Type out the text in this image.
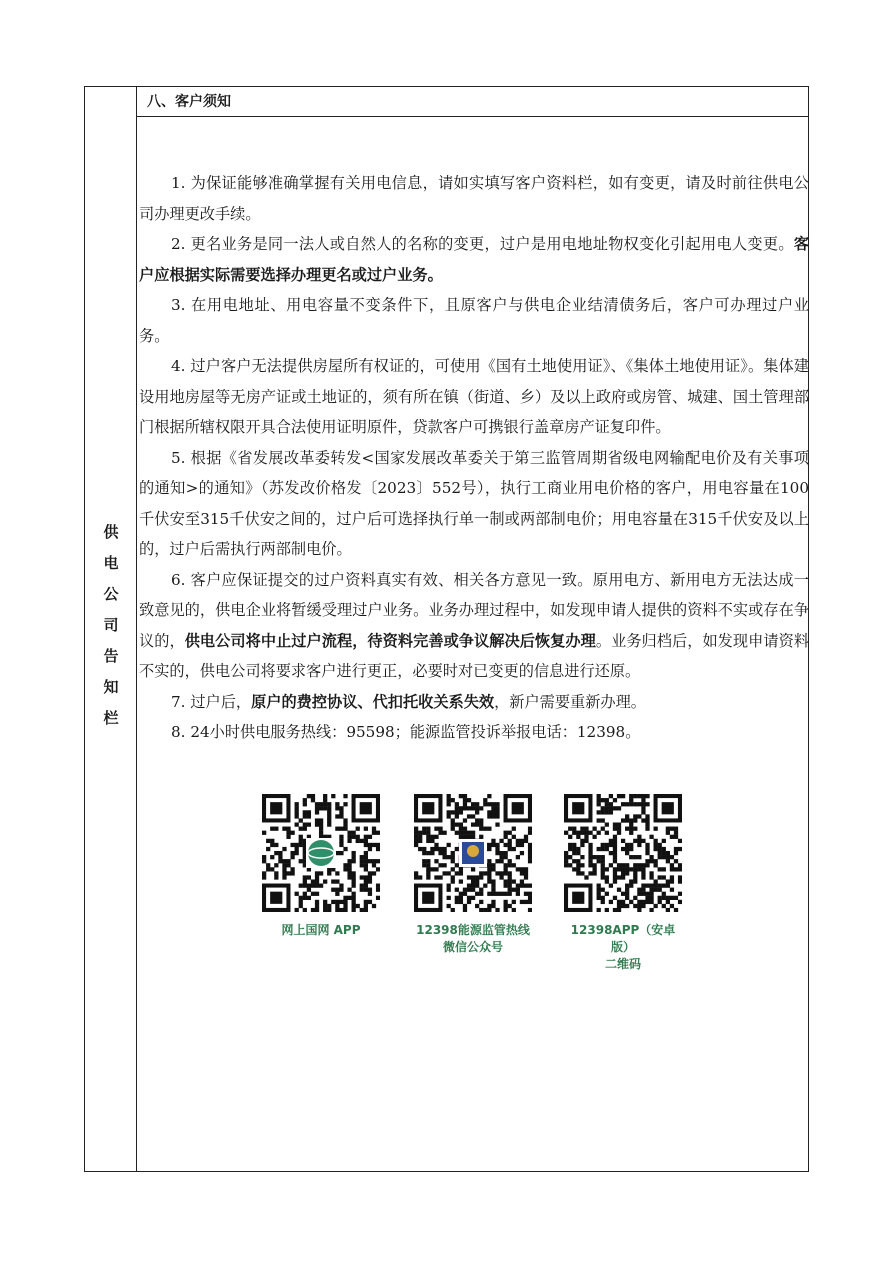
供
电
公
司
告
知
栏
八、客户须知

1. 为保证能够准确掌握有关用电信息，请如实填写客户资料栏，如有变更，请及时前往供电公司办理更改手续。

2. 更名业务是同一法人或自然人的名称的变更，过户是用电地址物权变化引起用电人变更。客户应根据实际需要选择办理更名或过户业务。

3. 在用电地址、用电容量不变条件下，且原客户与供电企业结清债务后，客户可办理过户业务。

4. 过户客户无法提供房屋所有权证的，可使用《国有土地使用证》、《集体土地使用证》。集体建设用地房屋等无房产证或土地证的，须有所在镇（街道、乡）及以上政府或房管、城建、国土管理部门根据所辖权限开具合法使用证明原件，贷款客户可携银行盖章房产证复印件。

5. 根据《省发展改革委转发<国家发展改革委关于第三监管周期省级电网输配电价及有关事项的通知>的通知》（苏发改价格发〔2023〕552号），执行工商业用电价格的客户，用电容量在100千伏安至315千伏安之间的，过户后可选择执行单一制或两部制电价；用电容量在315千伏安及以上的，过户后需执行两部制电价。

6. 客户应保证提交的过户资料真实有效、相关各方意见一致。原用电方、新用电方无法达成一致意见的，供电企业将暂缓受理过户业务。业务办理过程中，如发现申请人提供的资料不实或存在争议的，供电公司将中止过户流程，待资料完善或争议解决后恢复办理。业务归档后，如发现申请资料不实的，供电公司将要求客户进行更正，必要时对已变更的信息进行还原。

7. 过户后，原户的费控协议、代扣托收关系失效，新户需要重新办理。

8. 24小时供电服务热线：95598；能源监管投诉举报电话：12398。

网上国网 APP	12398能源监管热线
微信公众号
12398APP（安卓版）
二维码
